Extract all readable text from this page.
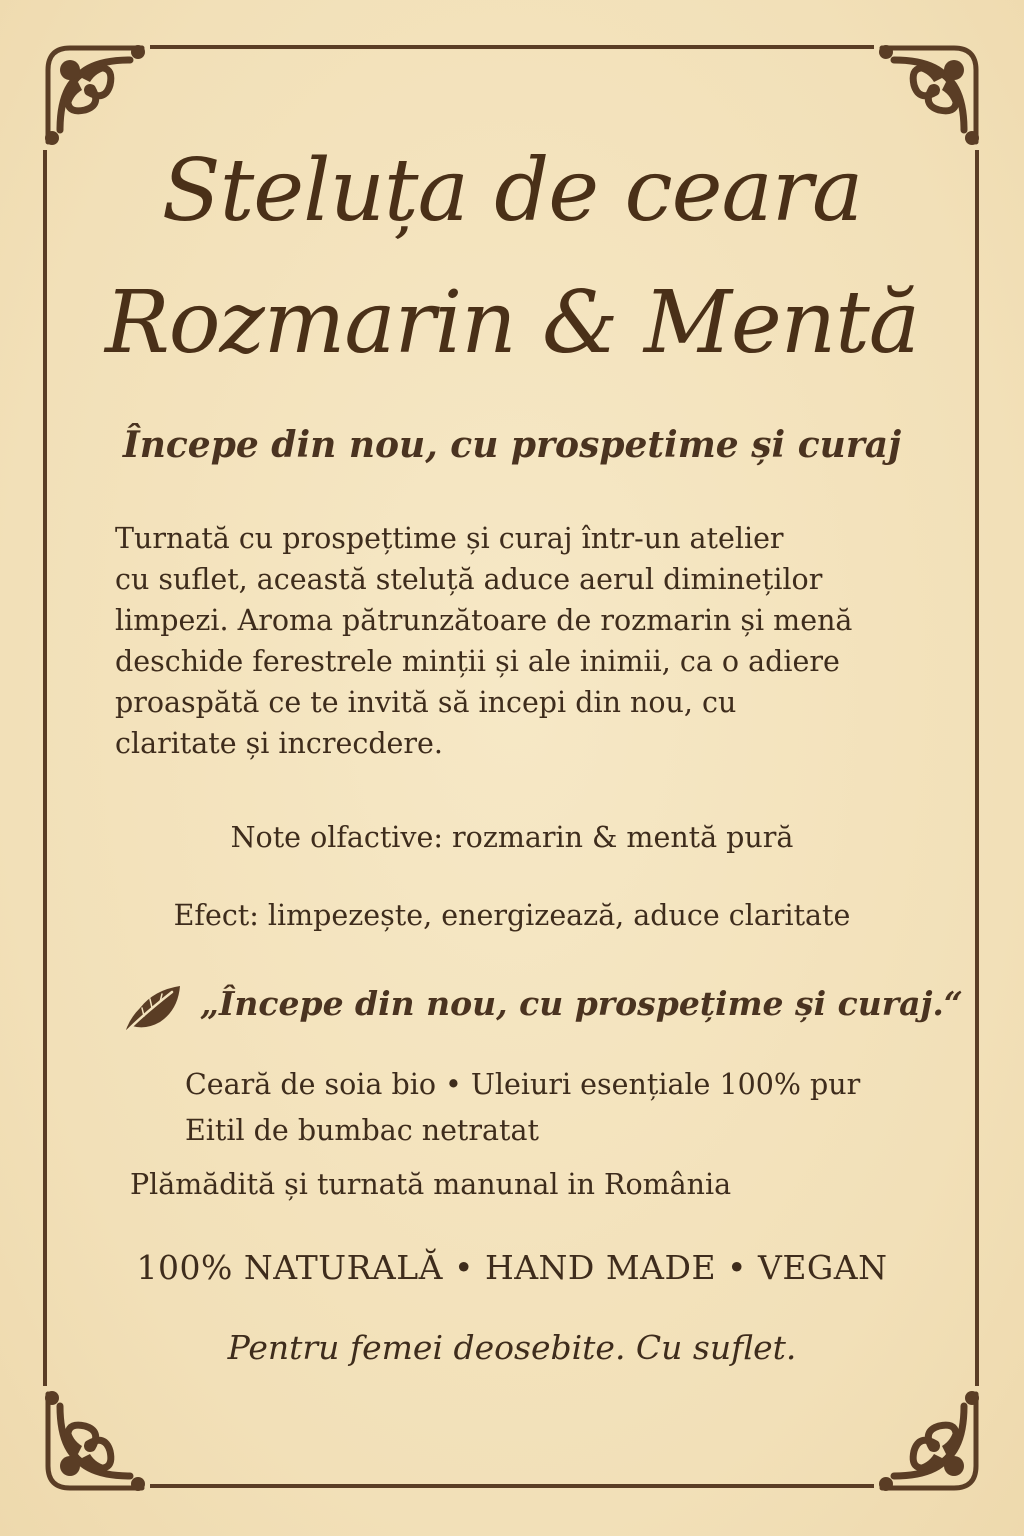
Steluța de ceara
Rozmarin & Mentă
Începe din nou, cu prospetime și curaj
Turnată cu prospețtime și curaj într-un atelier
cu suflet, această steluță aduce aerul dimineților
limpezi. Aroma pătrunzătoare de rozmarin și menă
deschide ferestrele minții și ale inimii, ca o adiere
proaspătă ce te invită să incepi din nou, cu
claritate și increcdere.
Note olfactive: rozmarin & mentă pură
Efect: limpezește, energizează, aduce claritate
„Începe din nou, cu prospețime și curaj.“
Ceară de soia bio • Uleiuri esențiale 100% pur
Eitil de bumbac netratat
Plămădită și turnată manunal in România
100% NATURALĂ • HAND MADE • VEGAN
Pentru femei deosebite. Cu suflet.
